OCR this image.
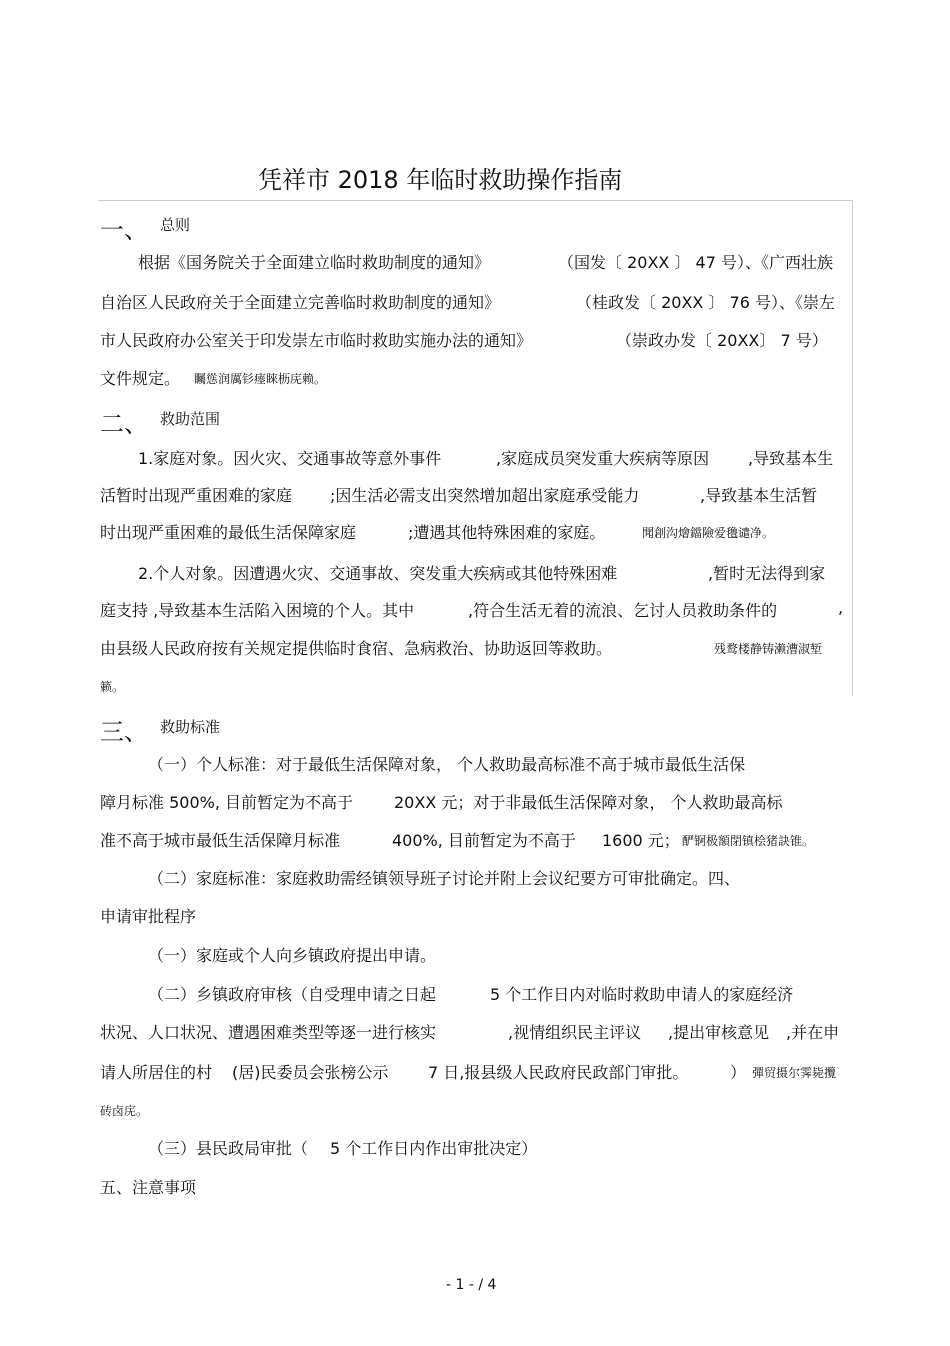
凭祥市 2018 年临时救助操作指南
一、 总则
根据《国务院关于全面建立临时救助制度的通知》	（国发〔 20XX 〕 47 号）、《广西壮族
自治区人民政府关于全面建立完善临时救助制度的通知》	（桂政发〔 20XX 〕 76 号）、《崇左
市人民政府办公室关于印发崇左市临时救助实施办法的通知》	（崇政办发〔 20XX〕 7 号）
文件规定。 矚慫润厲钐瘗睞枥庑赖。
二、 救助范围
1.家庭对象。因火灾、交通事故等意外事件	,家庭成员突发重大疾病等原因 ,导致基本生
活暂时出现严重困难的家庭 ;因生活必需支出突然增加超出家庭承受能力	,导致基本生活暂
时出现严重困难的最低生活保障家庭	;遭遇其他特殊困难的家庭。	聞創沟燴鐺險爱氇谴净。
2.个人对象。因遭遇火灾、交通事故、突发重大疾病或其他特殊困难	,暂时无法得到家
庭支持 ,导致基本生活陷入困境的个人。其中	,符合生活无着的流浪、乞讨人员救助条件的	,
由县级人民政府按有关规定提供临时食宿、急病救治、协助返回等救助。	残鹜楼静铸濑漕淑堑
籁。
三、 救助标准
（一）个人标准：对于最低生活保障对象， 个人救助最高标准不高于城市最低生活保
障月标准 500%, 目前暂定为不高于	20XX 元；对于非最低生活保障对象， 个人救助最高标
准不高于城市最低生活保障月标准	400%, 目前暂定为不高于 1600 元； 酽锕极額閉镇桧猪訣锥。
（二）家庭标准：家庭救助需经镇领导班子讨论并附上会议纪要方可审批确定。四、
申请审批程序
（一）家庭或个人向乡镇政府提出申请。
（二）乡镇政府审核（自受理申请之日起	5 个工作日内对临时救助申请人的家庭经济
状况、人口状况、遭遇困难类型等逐一进行核实	,视情组织民主评议 ,提出审核意见 ,并在申
请人所居住的村 (居)民委员会张榜公示 7 日,报县级人民政府民政部门审批。	） 彈贸摄尔霁毙攬
砖卤庑。
（三）县民政局审批（ 5 个工作日内作出审批决定）
五、注意事项
- 1 - / 4
